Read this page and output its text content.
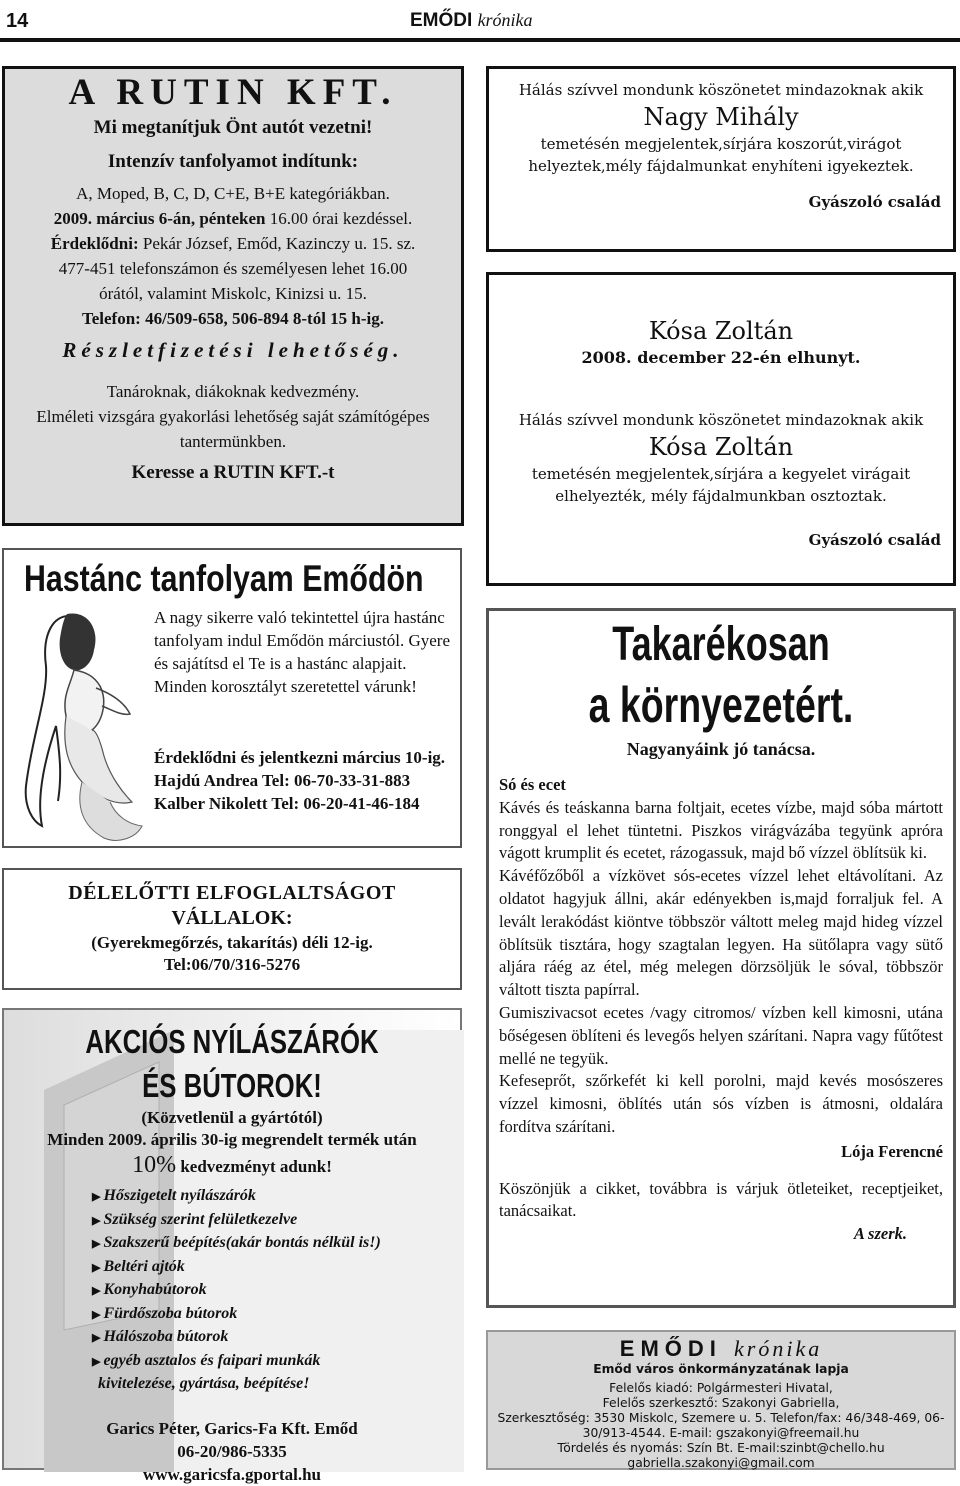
14	EMŐDI krónika
A RUTIN KFT.

Mi megtanítjuk Önt autót vezetni!

Intenzív tanfolyamot indítunk:

A, Moped, B, C, D, C+E, B+E kategóriákban.

2009. március 6-án, pénteken 16.00 órai kezdéssel.

Érdeklődni: Pekár József, Emőd, Kazinczy u. 15. sz.

477-451 telefonszámon és személyesen lehet 16.00

órától, valamint Miskolc, Kinizsi u. 15.

Telefon: 46/509-658, 506-894 8-tól 15 h-ig.

Részletfizetési lehetőség.

Tanároknak, diákoknak kedvezmény.

Elméleti vizsgára gyakorlási lehetőség saját számítógépes tantermünkben.

Keresse a RUTIN KFT.-t

Hálás szívvel mondunk köszönetet mindazoknak akik

Nagy Mihály

temetésén megjelentek,sírjára koszorút,virágot helyeztek,mély fájdalmunkat enyhíteni igyekeztek.

Gyászoló család

Kósa Zoltán

2008. december 22-én elhunyt.

Hálás szívvel mondunk köszönetet mindazoknak akik

Kósa Zoltán

temetésén megjelentek,sírjára a kegyelet virágait elhelyezték, mély fájdalmunkban osztoztak.

Gyászoló család

Hastánc tanfolyam Emődön
A nagy sikerre való tekintettel újra hastánc tanfolyam indul Emődön márciustól. Gyere és sajátítsd el Te is a hastánc alapjait. Minden korosztályt szeretettel várunk!
Érdeklődni és jelentkezni március 10-ig.
Hajdú Andrea Tel: 06-70-33-31-883
Kalber Nikolett Tel: 06-20-41-46-184

DÉLELŐTTI ELFOGLALTSÁGOT

VÁLLALOK:

(Gyerekmegőrzés, takarítás) déli 12-ig.

Tel:06/70/316-5276

AKCIÓS NYÍLÁSZÁRÓK
ÉS BÚTOROK!

(Közvetlenül a gyártótól)

Minden 2009. április 30-ig megrendelt termék után

10% kedvezményt adunk!

▶ Hőszigetelt nyílászárók
▶ Szükség szerint felületkezelve
▶ Szakszerű beépítés(akár bontás nélkül is!)
▶ Beltéri ajtók
▶ Konyhabútorok
▶ Fürdőszoba bútorok
▶ Hálószoba bútorok
▶ egyéb asztalos és faipari munkák
kivitelezése, gyártása, beépítése!

Garics Péter, Garics-Fa Kft. Emőd

06-20/986-5335

www.garicsfa.gportal.hu

Takarékosan
a környezetért.
Nagyanyáink jó tanácsa.
Só és ecet
Kávés és teáskanna barna foltjait, ecetes vízbe, majd sóba mártott ronggyal el lehet tüntetni. Piszkos virágvázába tegyünk apróra vágott krumplit és ecetet, rázogassuk, majd bő vízzel öblítsük ki.
Kávéfőzőből a vízkövet sós-ecetes vízzel lehet eltávolítani. Az oldatot hagyjuk állni, akár edényekben is,majd forraljuk fel. A levált lerakódást kiöntve többször váltott meleg majd hideg vízzel öblítsük tisztára, hogy szagtalan legyen. Ha sütőlapra vagy sütő aljára ráég az étel, még melegen dörzsöljük le sóval, többször váltott tiszta papírral.
Gumiszivacsot ecetes /vagy citromos/ vízben kell kimosni, utána bőségesen öblíteni és levegős helyen szárítani. Napra vagy fűtőtest mellé ne tegyük.
Kefeseprőt, szőrkefét ki kell porolni, majd kevés mosószeres vízzel kimosni, öblítés után sós vízben is átmosni, oldalára fordítva szárítani.
Lója Ferencné
Köszönjük a cikket, továbbra is várjuk ötleteiket, receptjeiket, tanácsaikat.
A szerk.
EMŐDI krónika

Emőd város önkormányzatának lapja

Felelős kiadó: Polgármesteri Hivatal,

Felelős szerkesztő: Szakonyi Gabriella,

Szerkesztőség: 3530 Miskolc, Szemere u. 5. Telefon/fax: 46/348-469, 06-30/913-4544. E-mail: gszakonyi@freemail.hu

Tördelés és nyomás: Szín Bt. E-mail:szinbt@chello.hu

gabriella.szakonyi@gmail.com
